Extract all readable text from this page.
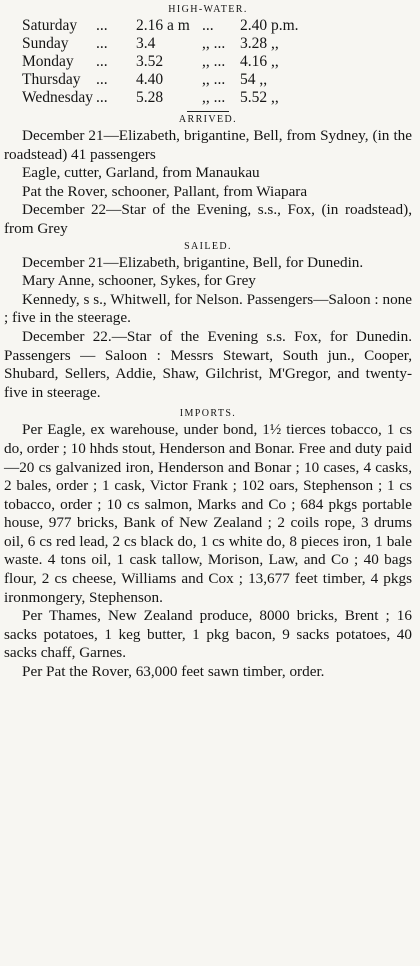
HIGH-WATER.
Saturday	...	2.16 a m	...	2.40 p.m.
Sunday	...	3.4	,, ...	3.28 ,,
Monday	...	3.52	,, ...	4.16 ,,
Thursday	...	4.40	,, ...	54 ,,
Wednesday	...	5.28	,, ...	5.52 ,,
ARRIVED.

December 21—Elizabeth, brigantine, Bell, from Sydney, (in the roadstead) 41 passengers

Eagle, cutter, Garland, from Manaukau

Pat the Rover, schooner, Pallant, from Wiapara

December 22—Star of the Evening, s.s., Fox, (in roadstead), from Grey

SAILED.

December 21—Elizabeth, brigantine, Bell, for Dunedin.

Mary Anne, schooner, Sykes, for Grey

Kennedy, s s., Whitwell, for Nelson. Passengers—Saloon : none ; five in the steerage.

December 22.—Star of the Evening s.s. Fox, for Dunedin. Passengers — Saloon : Messrs Stewart, South jun., Cooper, Shubard, Sellers, Addie, Shaw, Gilchrist, M'Gregor, and twenty-five in steerage.

IMPORTS.

Per Eagle, ex warehouse, under bond, 1½ tierces tobacco, 1 cs do, order ; 10 hhds stout, Henderson and Bonar. Free and duty paid—20 cs galvanized iron, Henderson and Bonar ; 10 cases, 4 casks, 2 bales, order ; 1 cask, Victor Frank ; 102 oars, Stephenson ; 1 cs tobacco, order ; 10 cs salmon, Marks and Co ; 684 pkgs portable house, 977 bricks, Bank of New Zealand ; 2 coils rope, 3 drums oil, 6 cs red lead, 2 cs black do, 1 cs white do, 8 pieces iron, 1 bale waste. 4 tons oil, 1 cask tallow, Morison, Law, and Co ; 40 bags flour, 2 cs cheese, Williams and Cox ; 13,677 feet timber, 4 pkgs ironmongery, Stephenson.

Per Thames, New Zealand produce, 8000 bricks, Brent ; 16 sacks potatoes, 1 keg butter, 1 pkg bacon, 9 sacks potatoes, 40 sacks chaff, Garnes.

Per Pat the Rover, 63,000 feet sawn timber, order.
